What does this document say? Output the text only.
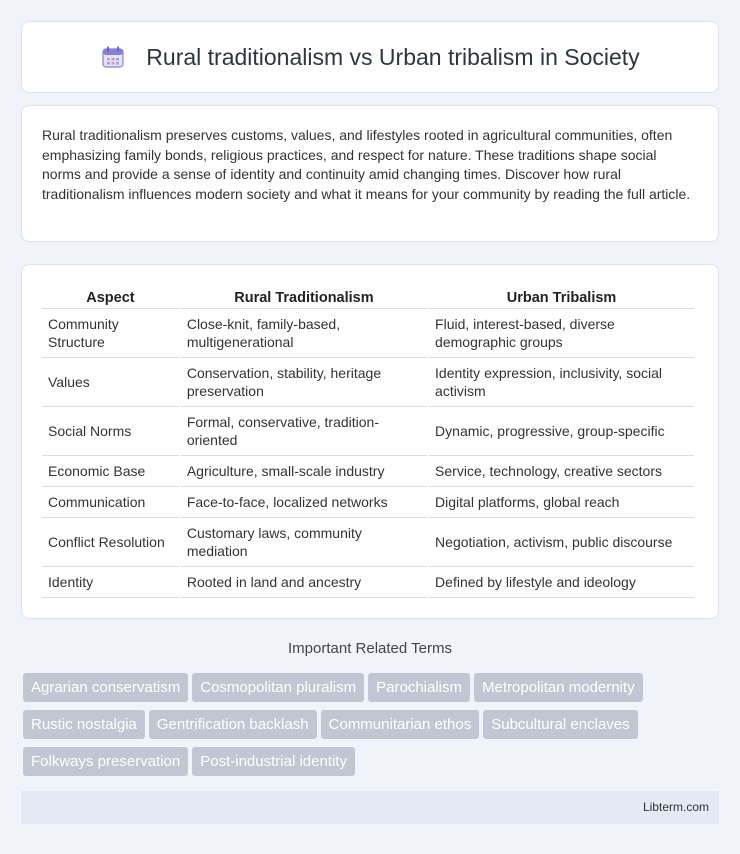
Rural traditionalism vs Urban tribalism in Society

Rural traditionalism preserves customs, values, and lifestyles rooted in agricultural communities, often emphasizing family bonds, religious practices, and respect for nature. These traditions shape social norms and provide a sense of identity and continuity amid changing times. Discover how rural traditionalism influences modern society and what it means for your community by reading the full article.

Aspect	Rural Traditionalism	Urban Tribalism
Community Structure	Close-knit, family-based, multigenerational	Fluid, interest-based, diverse demographic groups
Values	Conservation, stability, heritage preservation	Identity expression, inclusivity, social activism
Social Norms	Formal, conservative, tradition-oriented	Dynamic, progressive, group-specific
Economic Base	Agriculture, small-scale industry	Service, technology, creative sectors
Communication	Face-to-face, localized networks	Digital platforms, global reach
Conflict Resolution	Customary laws, community mediation	Negotiation, activism, public discourse
Identity	Rooted in land and ancestry	Defined by lifestyle and ideology
Important Related Terms
Agrarian conservatism Cosmopolitan pluralism Parochialism Metropolitan modernity
Rustic nostalgia Gentrification backlash Communitarian ethos Subcultural enclaves
Folkways preservation Post-industrial identity
Libterm.com
